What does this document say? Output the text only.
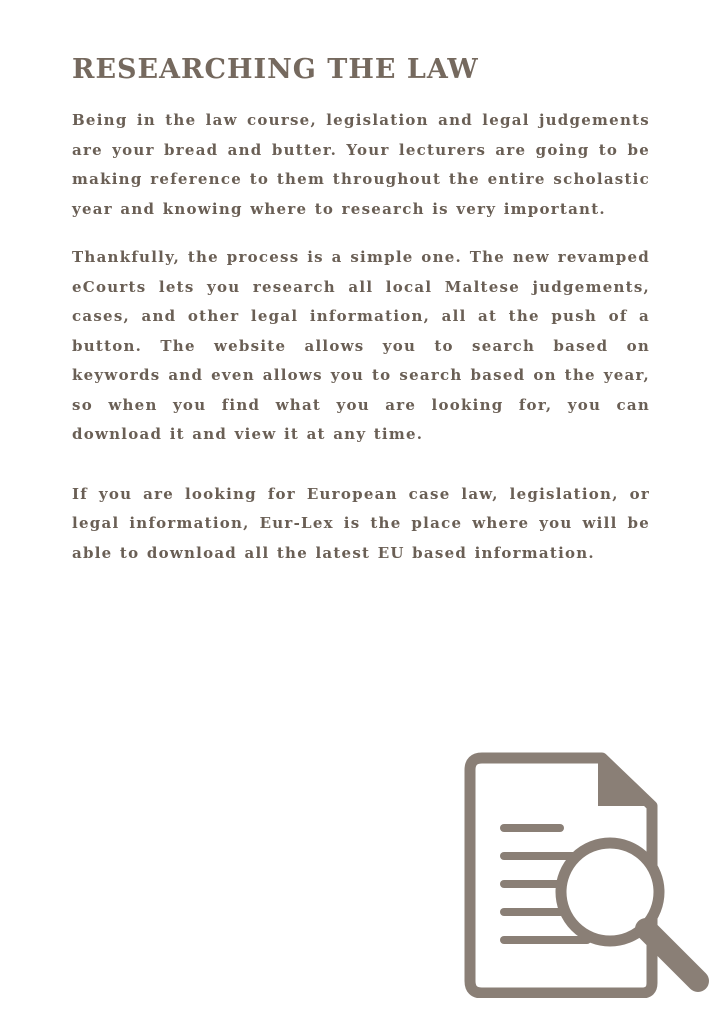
RESEARCHING THE LAW

Being in the law course, legislation and legal judgements are your bread and butter. Your lecturers are going to be making reference to them throughout the entire scholastic year and knowing where to research is very important.

Thankfully, the process is a simple one. The new revamped eCourts lets you research all local Maltese judgements, cases, and other legal information, all at the push of a button. The website allows you to search based on keywords and even allows you to search based on the year, so when you find what you are looking for, you can download it and view it at any time.

If you are looking for European case law, legislation, or legal information, Eur-Lex is the place where you will be able to download all the latest EU based information.
